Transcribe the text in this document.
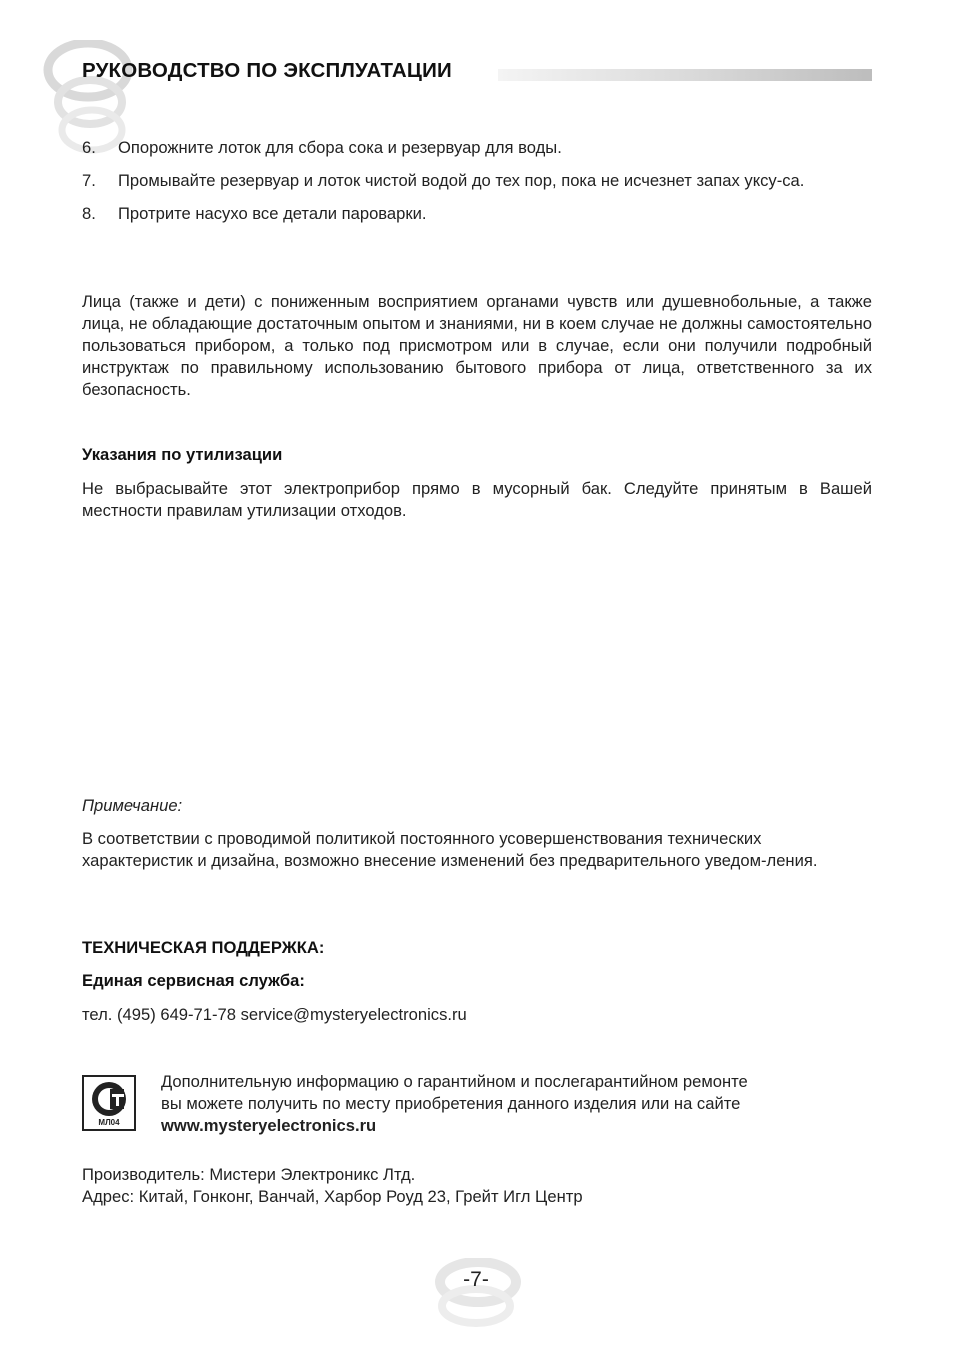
РУКОВОДСТВО ПО ЭКСПЛУАТАЦИИ
6. Опорожните лоток для сбора сока и резервуар для воды.
7. Промывайте резервуар и лоток чистой водой до тех пор, пока не исчезнет запах уксу-са.
8. Протрите насухо все детали пароварки.
Лица (также и дети) с пониженным восприятием органами чувств или душевнобольные, а также лица, не обладающие достаточным опытом и знаниями, ни в коем случае не должны самостоятельно пользоваться прибором, а только под присмотром или в случае, если они получили подробный инструктаж по правильному использованию бытового прибора от лица, ответственного за их безопасность.
Указания по утилизации
Не выбрасывайте этот электроприбор прямо в мусорный бак. Следуйте принятым в Вашей местности правилам утилизации отходов.
Примечание:
В соответствии с проводимой политикой постоянного усовершенствования технических характеристик и дизайна, возможно внесение изменений без предварительного уведом-ления.
ТЕХНИЧЕСКАЯ ПОДДЕРЖКА:
Единая сервисная служба:
тел. (495) 649-71-78 service@mysteryelectronics.ru
МЛ04
Дополнительную информацию о гарантийном и послегарантийном ремонте
вы можете получить по месту приобретения данного изделия или на сайте
www.mysteryelectronics.ru
Производитель: Мистери Электроникс Лтд.
Адрес: Китай, Гонконг, Ванчай, Харбор Роуд 23, Грейт Игл Центр
-7-
